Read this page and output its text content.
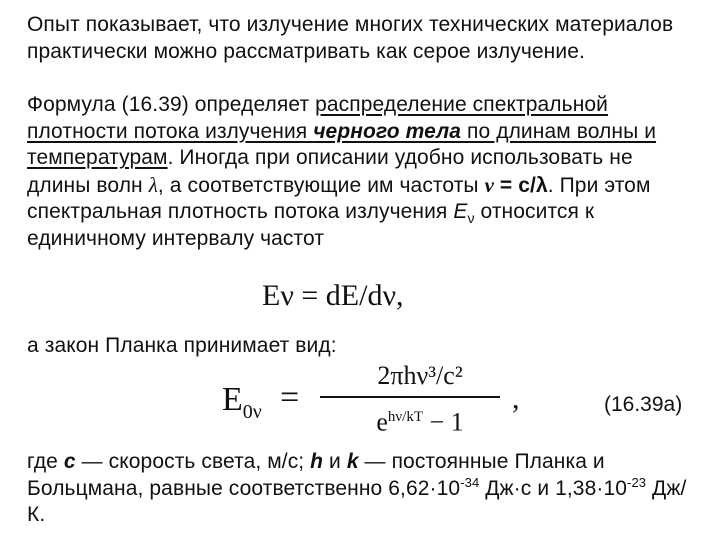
Опыт показывает, что излучение многих технических материалов практически можно рассматривать как серое излучение.
Формула (16.39) определяет распределение спектральной плотности потока излучения черного тела по длинам волны и температурам. Иногда при описании удобно использовать не длины волн λ, а соответствующие им частоты ν = c/λ. При этом спектральная плотность потока излучения $E_\nu$ относится к единичному интервалу частот
Eν = dE/dν,
а закон Планка принимает вид:
$E_{0\nu}$ =
2πhν³/c²
$e^{h\nu/kT} - 1$
,	(16.39а)
где c — скорость света, м/с; h и k — постоянные Планка и Больцмана, равные соответственно $6,62\cdot 10^{-34}$ Дж·с и $1,38\cdot 10^{-23}$ Дж/К.
